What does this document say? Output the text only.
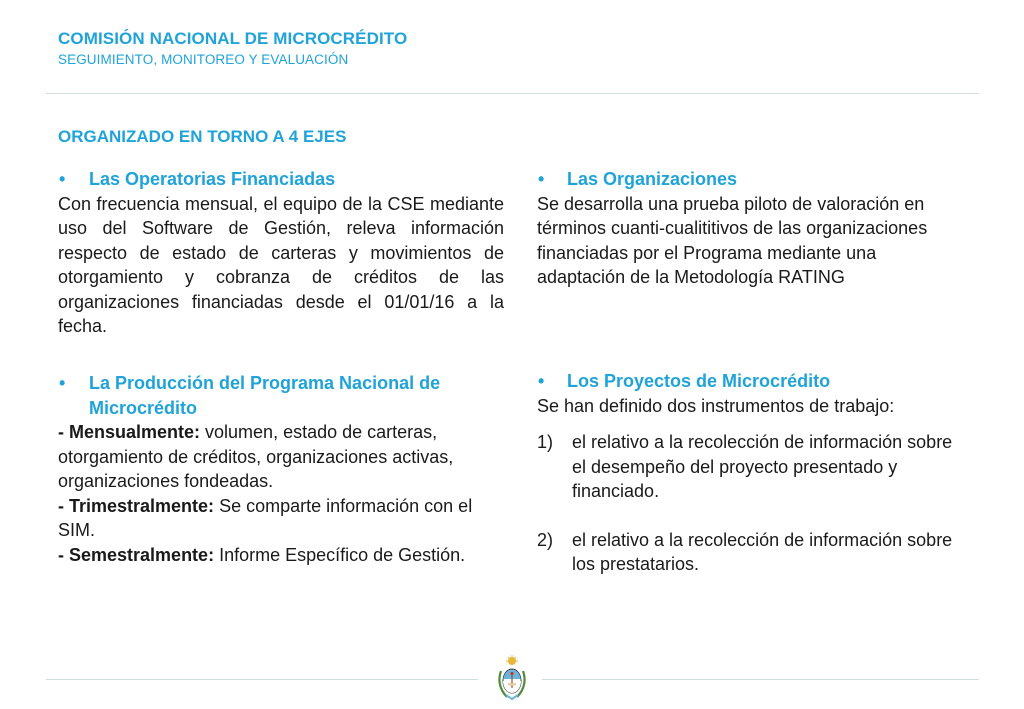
COMISIÓN NACIONAL DE MICROCRÉDITO
SEGUIMIENTO, MONITOREO Y EVALUACIÓN
ORGANIZADO EN TORNO A 4 EJES
•	Las Operatorias Financiadas
Con frecuencia mensual, el equipo de la CSE mediante uso del Software de Gestión, releva información respecto de estado de carteras y movimientos de otorgamiento y cobranza de créditos de las organizaciones financiadas desde el 01/01/16 a la fecha.
•	La Producción del Programa Nacional de Microcrédito
- Mensualmente: volumen, estado de carteras, otorgamiento de créditos, organizaciones activas, organizaciones fondeadas.
- Trimestralmente: Se comparte información con el SIM.
- Semestralmente: Informe Específico de Gestión.
•	Las Organizaciones
Se desarrolla una prueba piloto de valoración en términos cuanti-cualititivos de las organizaciones financiadas por el Programa mediante una adaptación de la Metodología RATING
•	Los Proyectos de Microcrédito
Se han definido dos instrumentos de trabajo:
1)	el relativo a la recolección de información sobre el desempeño del proyecto presentado y financiado.
2)	el relativo a la recolección de información sobre los prestatarios.
